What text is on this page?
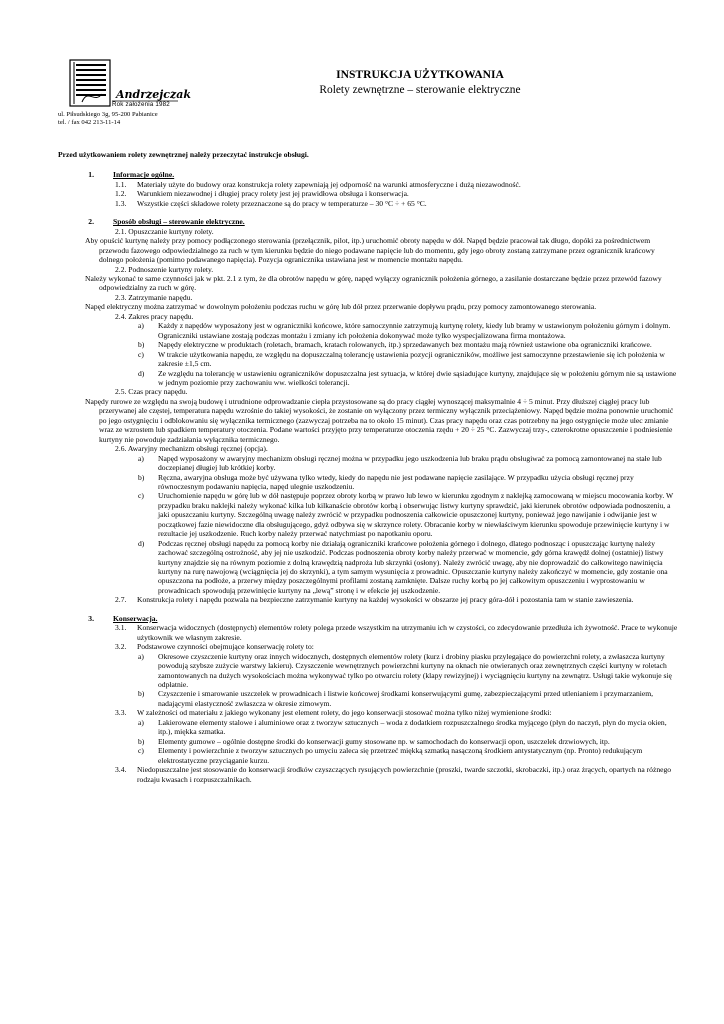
Andrzejczak
Rok założenia 1982
ul. Piłsudskiego 3g, 95-200 Pabianice
tel. / fax 042 213-11-14
INSTRUKCJA UŻYTKOWANIA
Rolety zewnętrzne – sterowanie elektryczne
Przed użytkowaniem rolety zewnętrznej należy przeczytać instrukcje obsługi.
1.	Informacje ogólne.
1.1.	Materiały użyte do budowy oraz konstrukcja rolety zapewniają jej odporność na warunki atmosferyczne i dużą niezawodność.
1.2.	Warunkiem niezawodnej i długiej pracy rolety jest jej prawidłowa obsługa i konserwacja.
1.3.	Wszystkie części składowe rolety przeznaczone są do pracy w temperaturze – 30 °C ÷ + 65 °C.
2.	Sposób obsługi – sterowanie elektryczne.
2.1. Opuszczanie kurtyny rolety.
Aby opuścić kurtynę należy przy pomocy podłączonego sterowania (przełącznik, pilot, itp.) uruchomić obroty napędu w dół. Napęd będzie pracował tak długo, dopóki za pośrednictwem przewodu fazowego odpowiedzialnego za ruch w tym kierunku będzie do niego podawane napięcie lub do momentu, gdy jego obroty zostaną zatrzymane przez ogranicznik krańcowy dolnego położenia (pomimo podawanego napięcia). Pozycja ogranicznika ustawiana jest w momencie montażu napędu.
2.2. Podnoszenie kurtyny rolety.
Należy wykonać te same czynności jak w pkt. 2.1 z tym, że dla obrotów napędu w górę, napęd wyłączy ogranicznik położenia górnego, a zasilanie dostarczane będzie przez przewód fazowy odpowiedzialny za ruch w górę.
2.3. Zatrzymanie napędu.
Napęd elektryczny można zatrzymać w dowolnym położeniu podczas ruchu w górę lub dół przez przerwanie dopływu prądu, przy pomocy zamontowanego sterowania.
2.4. Zakres pracy napędu.
a)	Każdy z napędów wyposażony jest w ograniczniki końcowe, które samoczynnie zatrzymują kurtynę rolety, kiedy lub bramy w ustawionym położeniu górnym i dolnym. Ograniczniki ustawiane zostają podczas montażu i zmiany ich położenia dokonywać może tylko wyspecjalizowana firma montażowa.
b)	Napędy elektryczne w produktach (roletach, bramach, kratach rolowanych, itp.) sprzedawanych bez montażu mają również ustawione oba ograniczniki krańcowe.
c)	W trakcie użytkowania napędu, ze względu na dopuszczalną tolerancję ustawienia pozycji ograniczników, możliwe jest samoczynne przestawienie się ich położenia w zakresie ±1,5 cm.
d)	Ze względu na tolerancję w ustawieniu ograniczników dopuszczalna jest sytuacja, w której dwie sąsiadujące kurtyny, znajdujące się w położeniu górnym nie są ustawione w jednym poziomie przy zachowaniu ww. wielkości tolerancji.
2.5. Czas pracy napędu.
Napędy rurowe ze względu na swoją budowę i utrudnione odprowadzanie ciepła przystosowane są do pracy ciągłej wynoszącej maksymalnie 4 ÷ 5 minut. Przy dłuższej ciągłej pracy lub przerywanej ale częstej, temperatura napędu wzrośnie do takiej wysokości, że zostanie on wyłączony przez termiczny wyłącznik przeciążeniowy. Napęd będzie można ponownie uruchomić po jego ostygnięciu i odblokowaniu się wyłącznika termicznego (zazwyczaj potrzeba na to około 15 minut). Czas pracy napędu oraz czas potrzebny na jego ostygnięcie może ulec zmianie wraz ze wzrostem lub spadkiem temperatury otoczenia. Podane wartości przyjęto przy temperaturze otoczenia rzędu + 20 ÷ 25 °C. Zazwyczaj trzy-, czterokrotne opuszczenie i podniesienie kurtyny nie powoduje zadziałania wyłącznika termicznego.
2.6. Awaryjny mechanizm obsługi ręcznej (opcja).
a)	Napęd wyposażony w awaryjny mechanizm obsługi ręcznej można w przypadku jego uszkodzenia lub braku prądu obsługiwać za pomocą zamontowanej na stałe lub doczepianej długiej lub krótkiej korby.
b)	Ręczna, awaryjna obsługa może być używana tylko wtedy, kiedy do napędu nie jest podawane napięcie zasilające. W przypadku użycia obsługi ręcznej przy równoczesnym podawaniu napięcia, napęd ulegnie uszkodzeniu.
c)	Uruchomienie napędu w górę lub w dół następuje poprzez obroty korbą w prawo lub lewo w kierunku zgodnym z naklejką zamocowaną w miejscu mocowania korby. W przypadku braku naklejki należy wykonać kilka lub kilkanaście obrotów korbą i obserwując listwy kurtyny sprawdzić, jaki kierunek obrotów odpowiada podnoszeniu, a jaki opuszczaniu kurtyny. Szczególną uwagę należy zwrócić w przypadku podnoszenia całkowicie opuszczonej kurtyny, ponieważ jego nawijanie i odwijanie jest w początkowej fazie niewidoczne dla obsługującego, gdyż odbywa się w skrzynce rolety. Obracanie korby w niewłaściwym kierunku spowoduje przewinięcie kurtyny i w rezultacie jej uszkodzenie. Ruch korby należy przerwać natychmiast po napotkaniu oporu.
d)	Podczas ręcznej obsługi napędu za pomocą korby nie działają ograniczniki krańcowe położenia górnego i dolnego, dlatego podnosząc i opuszczając kurtynę należy zachować szczególną ostrożność, aby jej nie uszkodzić. Podczas podnoszenia obroty korby należy przerwać w momencie, gdy górna krawędź dolnej (ostatniej) listwy kurtyny znajdzie się na równym poziomie z dolną krawędzią nadproża lub skrzynki (osłony). Należy zwrócić uwagę, aby nie doprowadzić do całkowitego nawinięcia kurtyny na rurę nawojową (wciągnięcia jej do skrzynki), a tym samym wysunięcia z prowadnic. Opuszczanie kurtyny należy zakończyć w momencie, gdy zostanie ona opuszczona na podłoże, a przerwy między poszczególnymi profilami zostaną zamknięte. Dalsze ruchy korbą po jej całkowitym opuszczeniu i wyprostowaniu w prowadnicach spowodują przewinięcie kurtyny na „lewą” stronę i w efekcie jej uszkodzenie.
2.7.	Konstrukcja rolety i napędu pozwala na bezpieczne zatrzymanie kurtyny na każdej wysokości w obszarze jej pracy góra-dół i pozostania tam w stanie zawieszenia.
3.	Konserwacja.
3.1.	Konserwacja widocznych (dostępnych) elementów rolety polega przede wszystkim na utrzymaniu ich w czystości, co zdecydowanie przedłuża ich żywotność. Prace te wykonuje użytkownik we własnym zakresie.
3.2.	Podstawowe czynności obejmujące konserwację rolety to:
a)	Okresowe czyszczenie kurtyny oraz innych widocznych, dostępnych elementów rolety (kurz i drobiny piasku przylegające do powierzchni rolety, a zwłaszcza kurtyny powodują szybsze zużycie warstwy lakieru). Czyszczenie wewnętrznych powierzchni kurtyny na oknach nie otwieranych oraz zewnętrznych części kurtyny w roletach zamontowanych na dużych wysokościach można wykonywać tylko po otwarciu rolety (klapy rewizyjnej) i wyciągnięciu kurtyny na zewnątrz. Usługi takie wykonuje się odpłatnie.
b)	Czyszczenie i smarowanie uszczelek w prowadnicach i listwie końcowej środkami konserwującymi gumę, zabezpieczającymi przed utlenianiem i przymarzaniem, nadającymi elastyczność zwłaszcza w okresie zimowym.
3.3.	W zależności od materiału z jakiego wykonany jest element rolety, do jego konserwacji stosować można tylko niżej wymienione środki:
a)	Lakierowane elementy stalowe i aluminiowe oraz z tworzyw sztucznych – woda z dodatkiem rozpuszczalnego środka myjącego (płyn do naczyń, płyn do mycia okien, itp.), miękka szmatka.
b)	Elementy gumowe – ogólnie dostępne środki do konserwacji gumy stosowane np. w samochodach do konserwacji opon, uszczelek drzwiowych, itp.
c)	Elementy i powierzchnie z tworzyw sztucznych po umyciu zaleca się przetrzeć miękką szmatką nasączoną środkiem antystatycznym (np. Pronto) redukującym elektrostatyczne przyciąganie kurzu.
3.4.	Niedopuszczalne jest stosowanie do konserwacji środków czyszczących rysujących powierzchnie (proszki, twarde szczotki, skrobaczki, itp.) oraz żrących, opartych na różnego rodzaju kwasach i rozpuszczalnikach.
